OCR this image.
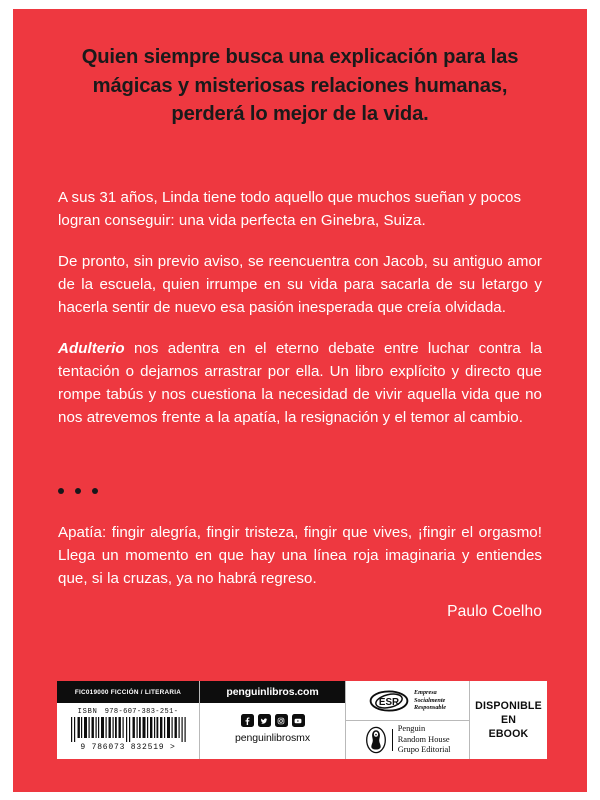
Quien siempre busca una explicación para las
mágicas y misteriosas relaciones humanas,
perderá lo mejor de la vida.

A sus 31 años, Linda tiene todo aquello que muchos sueñan y pocos logran conseguir: una vida perfecta en Ginebra, Suiza.

De pronto, sin previo aviso, se reencuentra con Jacob, su antiguo amor de la escuela, quien irrumpe en su vida para sacarla de su letargo y hacerla sentir de nuevo esa pasión inesperada que creía olvidada.

Adulterio nos adentra en el eterno debate entre luchar contra la tentación o dejarnos arrastrar por ella. Un libro explícito y directo que rompe tabús y nos cuestiona la necesidad de vivir aquella vida que no nos atrevemos frente a la apatía, la resignación y el temor al cambio.

Apatía: fingir alegría, fingir tristeza, fingir que vives, ¡fingir el orgasmo! Llega un momento en que hay una línea roja imaginaria y entiendes que, si la cruzas, ya no habrá regreso.

Paulo Coelho
FIC019000 FICCIÓN / LITERARIA
ISBN 978-607-383-251-
9 786073 832519 >
penguinlibros.com
penguinlibrosmx
ESR
Empresa
Socialmente
Responsable
Penguin
Random House
Grupo Editorial
DISPONIBLE EN
EBOOK
